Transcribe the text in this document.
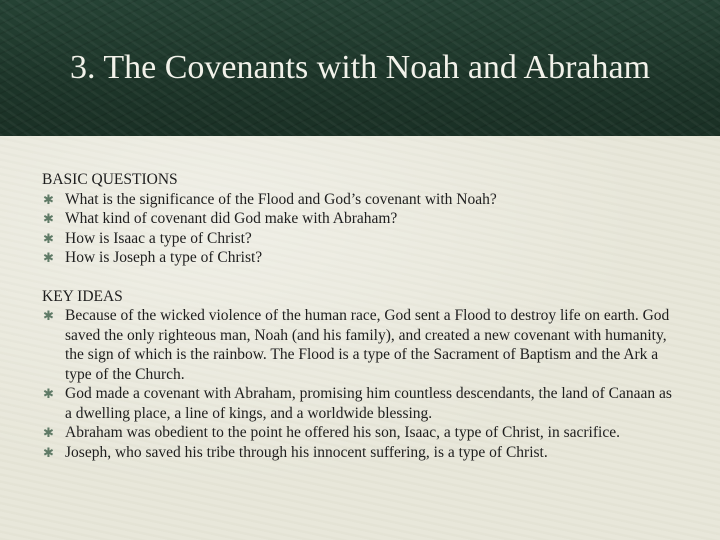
3. The Covenants with Noah and Abraham

BASIC QUESTIONS

✱ What is the significance of the Flood and God’s covenant with Noah?
✱ What kind of covenant did God make with Abraham?
✱ How is Isaac a type of Christ?
✱ How is Joseph a type of Christ?

KEY IDEAS

✱ Because of the wicked violence of the human race, God sent a Flood to destroy life on earth. God saved the only righteous man, Noah (and his family), and created a new covenant with humanity, the sign of which is the rainbow. The Flood is a type of the Sacrament of Baptism and the Ark a type of the Church.
✱ God made a covenant with Abraham, promising him countless descendants, the land of Canaan as a dwelling place, a line of kings, and a worldwide blessing.
✱ Abraham was obedient to the point he offered his son, Isaac, a type of Christ, in sacrifice.
✱ Joseph, who saved his tribe through his innocent suffering, is a type of Christ.
